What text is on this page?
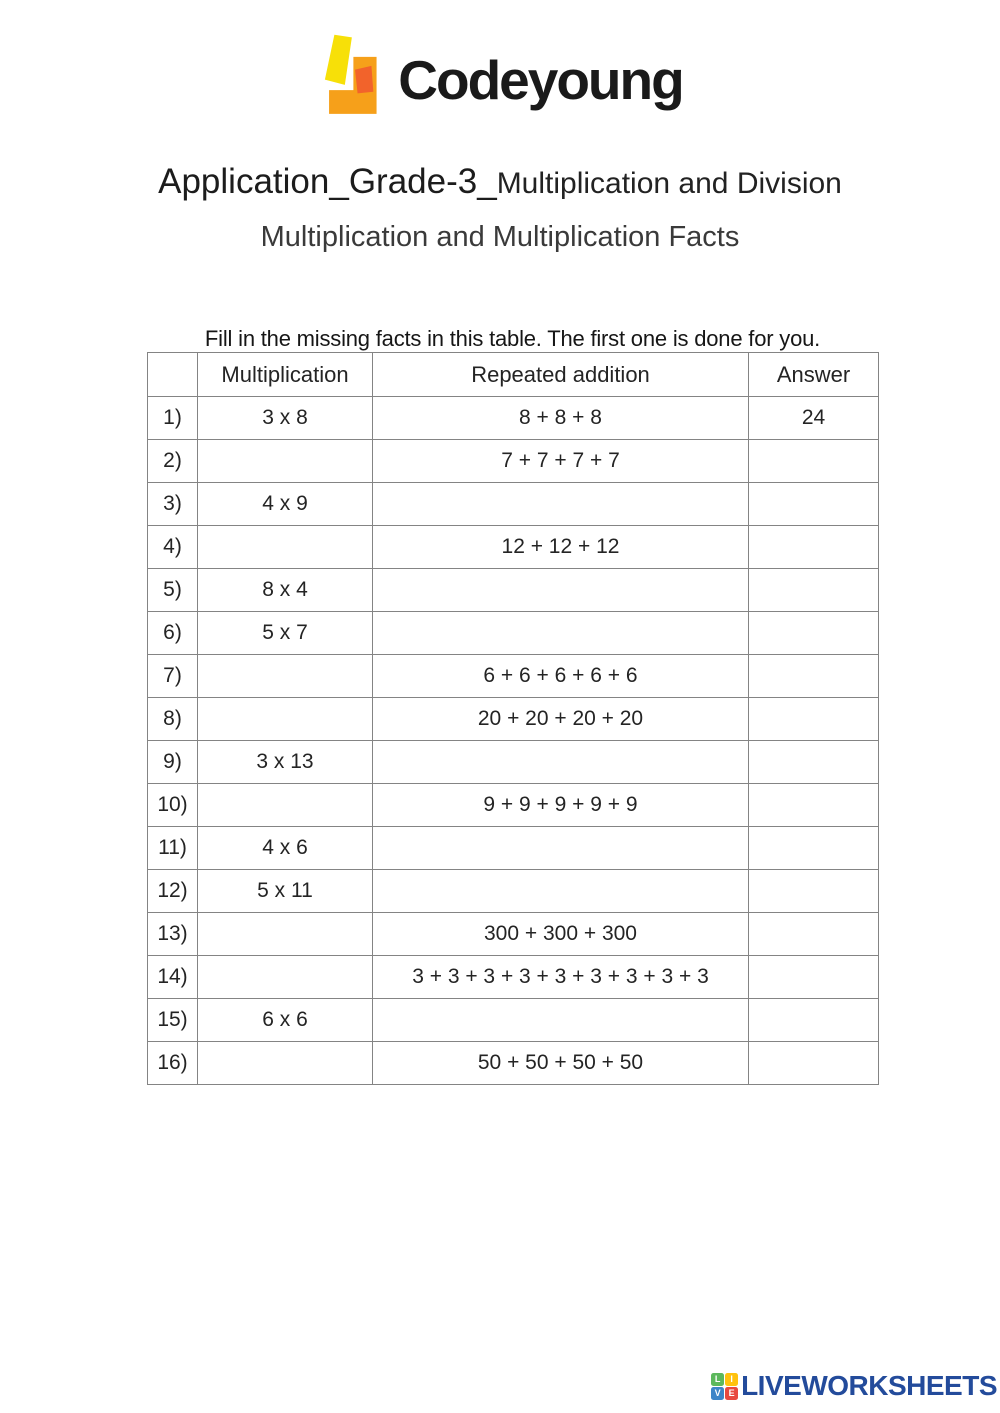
Codeyoung
Application_Grade-3_Multiplication and Division
Multiplication and Multiplication Facts
Fill in the missing facts in this table. The first one is done for you.
	Multiplication	Repeated addition	Answer
1)	3 x 8	8 + 8 + 8	24
2)		7 + 7 + 7 + 7	
3)	4 x 9		
4)		12 + 12 + 12	
5)	8 x 4		
6)	5 x 7		
7)		6 + 6 + 6 + 6 + 6	
8)		20 + 20 + 20 + 20	
9)	3 x 13		
10)		9 + 9 + 9 + 9 + 9	
11)	4 x 6		
12)	5 x 11		
13)		300 + 300 + 300	
14)		3 + 3 + 3 + 3 + 3 + 3 + 3 + 3 + 3	
15)	6 x 6		
16)		50 + 50 + 50 + 50	
L	I
V E LIVEWORKSHEETS
